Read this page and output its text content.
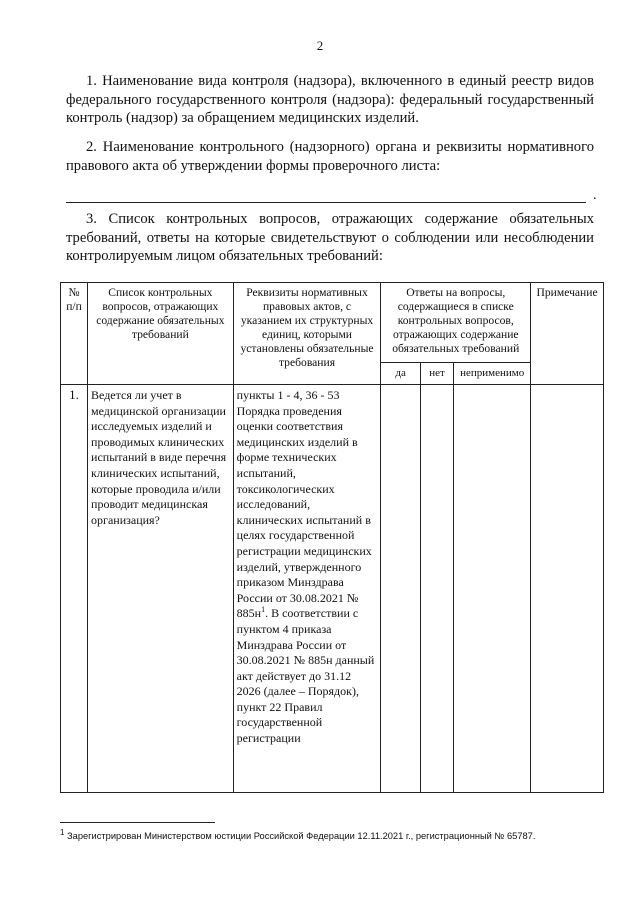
2

1. Наименование вида контроля (надзора), включенного в единый реестр видов федерального государственного контроля (надзора): федеральный государственный контроль (надзор) за обращением медицинских изделий.

2. Наименование контрольного (надзорного) органа и реквизиты нормативного правового акта об утверждении формы проверочного листа:

.

3. Список контрольных вопросов, отражающих содержание обязательных требований, ответы на которые свидетельствуют о соблюдении или несоблюдении контролируемым лицом обязательных требований:

№ п/п	Список контрольных вопросов, отражающих содержание обязательных требований	Реквизиты нормативных правовых актов, с указанием их структурных единиц, которыми установлены обязательные требования	Ответы на вопросы, содержащиеся в списке контрольных вопросов, отражающих содержание обязательных требований			Примечание
			да	нет	неприменимо	
1.	Ведется ли учет в медицинской организации исследуемых изделий и проводимых клинических испытаний в виде перечня клинических испытаний, которые проводила и/или проводит медицинская организация?	пункты 1 - 4, 36 - 53 Порядка проведения оценки соответствия медицинских изделий в форме технических испытаний, токсикологических исследований, клинических испытаний в целях государственной регистрации медицинских изделий, утвержденного приказом Минздрава России от 30.08.2021 № $885н^1$. В соответствии с пунктом 4 приказа Минздрава России от 30.08.2021 № 885н данный акт действует до 31.12 2026 (далее – Порядок), пункт 22 Правил государственной регистрации				
$^1$ Зарегистрирован Министерством юстиции Российской Федерации 12.11.2021 г., регистрационный № 65787.
